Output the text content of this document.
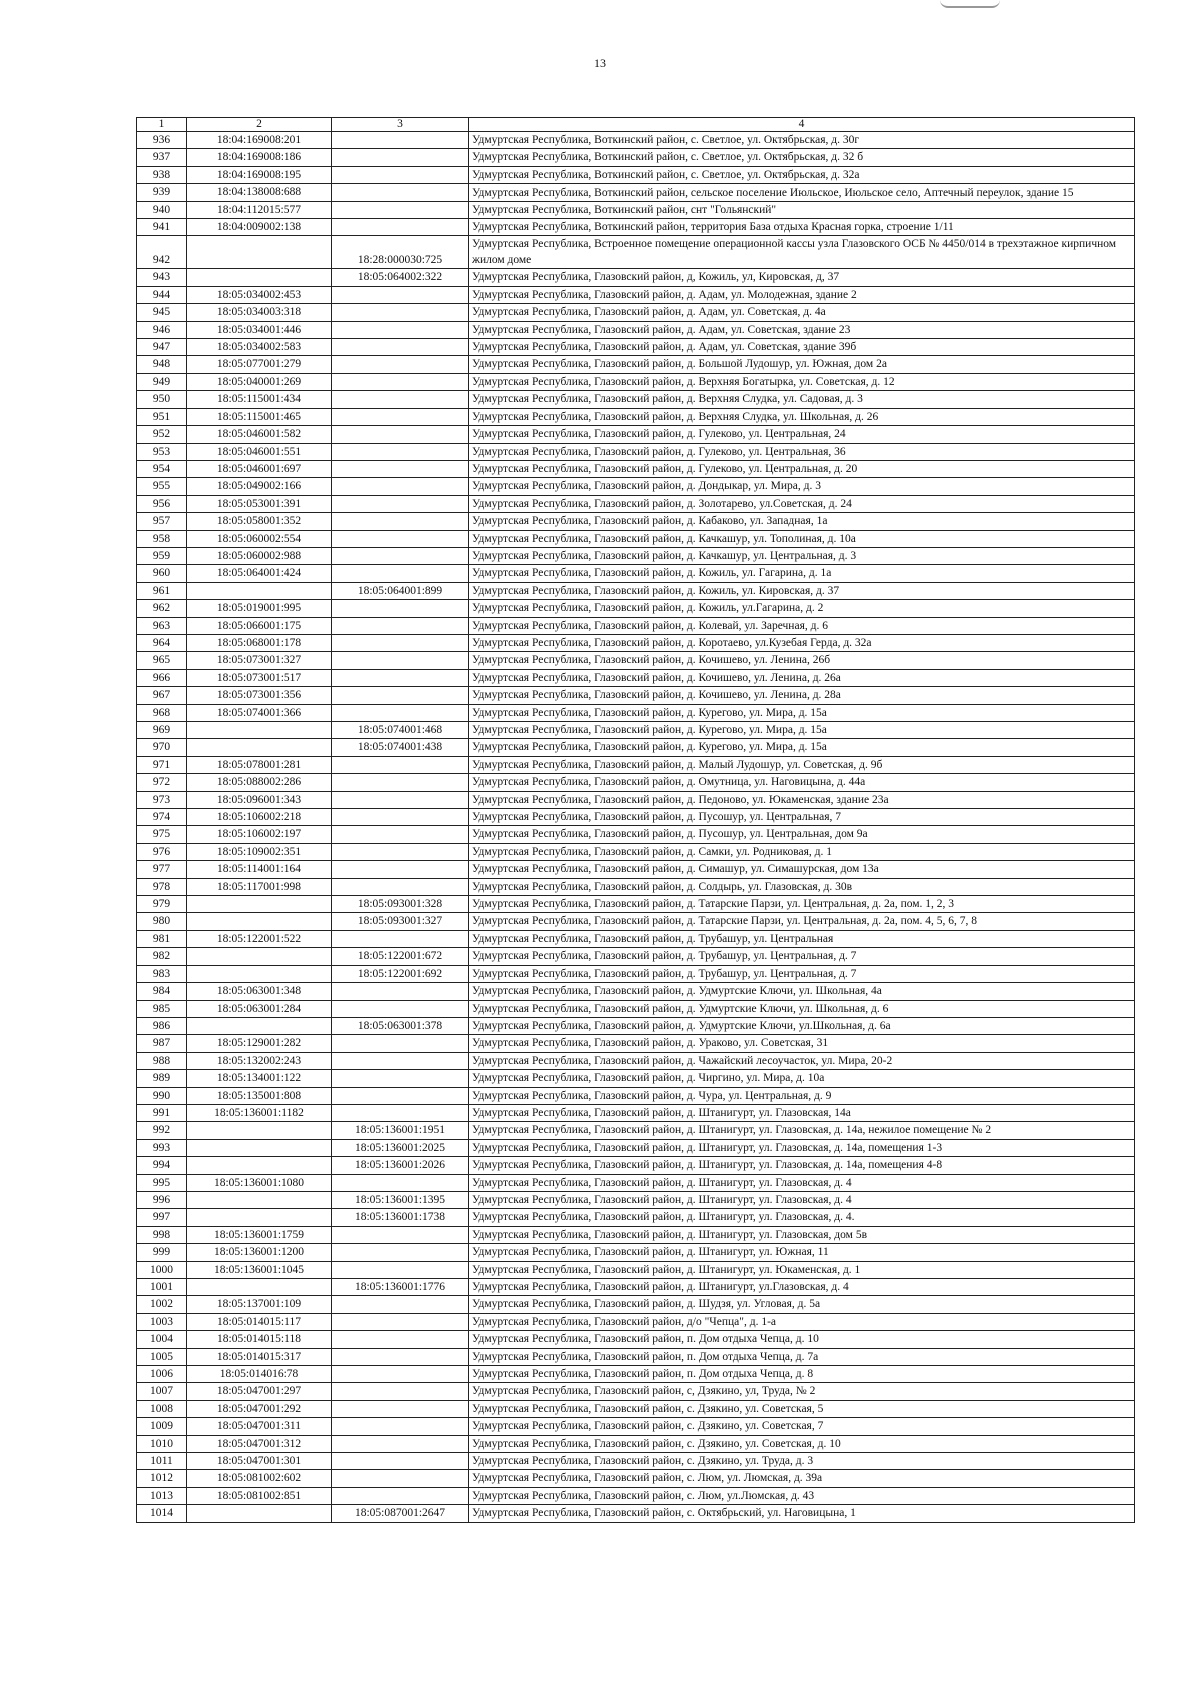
13
1	2	3	4
936	18:04:169008:201		Удмуртская Республика, Воткинский район, с. Светлое, ул. Октябрьская, д. 30г
937	18:04:169008:186		Удмуртская Республика, Воткинский район, с. Светлое, ул. Октябрьская, д. 32 б
938	18:04:169008:195		Удмуртская Республика, Воткинский район, с. Светлое, ул. Октябрьская, д. 32а
939	18:04:138008:688		Удмуртская Республика, Воткинский район, сельское поселение Июльское, Июльское село, Аптечный переулок, здание 15
940	18:04:112015:577		Удмуртская Республика, Воткинский район, снт "Гольянский"
941	18:04:009002:138		Удмуртская Республика, Воткинский район, территория База отдыха Красная горка, строение 1/11
942		18:28:000030:725	Удмуртская Республика, Встроенное помещение операционной кассы узла Глазовского ОСБ № 4450/014 в трехэтажное кирпичном жилом доме
943		18:05:064002:322	Удмуртская Республика, Глазовский район, д, Кожиль, ул, Кировская, д, 37
944	18:05:034002:453		Удмуртская Республика, Глазовский район, д. Адам, ул. Молодежная, здание 2
945	18:05:034003:318		Удмуртская Республика, Глазовский район, д. Адам, ул. Советская, д. 4а
946	18:05:034001:446		Удмуртская Республика, Глазовский район, д. Адам, ул. Советская, здание 23
947	18:05:034002:583		Удмуртская Республика, Глазовский район, д. Адам, ул. Советская, здание 39б
948	18:05:077001:279		Удмуртская Республика, Глазовский район, д. Большой Лудошур, ул. Южная, дом 2а
949	18:05:040001:269		Удмуртская Республика, Глазовский район, д. Верхняя Богатырка, ул. Советская, д. 12
950	18:05:115001:434		Удмуртская Республика, Глазовский район, д. Верхняя Слудка, ул. Садовая, д. 3
951	18:05:115001:465		Удмуртская Республика, Глазовский район, д. Верхняя Слудка, ул. Школьная, д. 26
952	18:05:046001:582		Удмуртская Республика, Глазовский район, д. Гулеково, ул. Центральная, 24
953	18:05:046001:551		Удмуртская Республика, Глазовский район, д. Гулеково, ул. Центральная, 36
954	18:05:046001:697		Удмуртская Республика, Глазовский район, д. Гулеково, ул. Центральная, д. 20
955	18:05:049002:166		Удмуртская Республика, Глазовский район, д. Дондыкар, ул. Мира, д. 3
956	18:05:053001:391		Удмуртская Республика, Глазовский район, д. Золотарево, ул.Советская, д. 24
957	18:05:058001:352		Удмуртская Республика, Глазовский район, д. Кабаково, ул. Западная, 1а
958	18:05:060002:554		Удмуртская Республика, Глазовский район, д. Качкашур, ул. Тополиная, д. 10а
959	18:05:060002:988		Удмуртская Республика, Глазовский район, д. Качкашур, ул. Центральная, д. 3
960	18:05:064001:424		Удмуртская Республика, Глазовский район, д. Кожиль, ул. Гагарина, д. 1а
961		18:05:064001:899	Удмуртская Республика, Глазовский район, д. Кожиль, ул. Кировская, д. 37
962	18:05:019001:995		Удмуртская Республика, Глазовский район, д. Кожиль, ул.Гагарина, д. 2
963	18:05:066001:175		Удмуртская Республика, Глазовский район, д. Колевай, ул. Заречная, д. 6
964	18:05:068001:178		Удмуртская Республика, Глазовский район, д. Коротаево, ул.Кузебая Герда, д. 32а
965	18:05:073001:327		Удмуртская Республика, Глазовский район, д. Кочишево, ул. Ленина, 26б
966	18:05:073001:517		Удмуртская Республика, Глазовский район, д. Кочишево, ул. Ленина, д. 26а
967	18:05:073001:356		Удмуртская Республика, Глазовский район, д. Кочишево, ул. Ленина, д. 28а
968	18:05:074001:366		Удмуртская Республика, Глазовский район, д. Курегово, ул. Мира, д. 15а
969		18:05:074001:468	Удмуртская Республика, Глазовский район, д. Курегово, ул. Мира, д. 15а
970		18:05:074001:438	Удмуртская Республика, Глазовский район, д. Курегово, ул. Мира, д. 15а
971	18:05:078001:281		Удмуртская Республика, Глазовский район, д. Малый Лудошур, ул. Советская, д. 9б
972	18:05:088002:286		Удмуртская Республика, Глазовский район, д. Омутница, ул. Наговицына, д. 44а
973	18:05:096001:343		Удмуртская Республика, Глазовский район, д. Педоново, ул. Юкаменская, здание 23а
974	18:05:106002:218		Удмуртская Республика, Глазовский район, д. Пусошур, ул. Центральная, 7
975	18:05:106002:197		Удмуртская Республика, Глазовский район, д. Пусошур, ул. Центральная, дом 9а
976	18:05:109002:351		Удмуртская Республика, Глазовский район, д. Самки, ул. Родниковая, д. 1
977	18:05:114001:164		Удмуртская Республика, Глазовский район, д. Симашур, ул. Симашурская, дом 13а
978	18:05:117001:998		Удмуртская Республика, Глазовский район, д. Солдырь, ул. Глазовская, д. 30в
979		18:05:093001:328	Удмуртская Республика, Глазовский район, д. Татарские Парзи, ул. Центральная, д. 2а, пом. 1, 2, 3
980		18:05:093001:327	Удмуртская Республика, Глазовский район, д. Татарские Парзи, ул. Центральная, д. 2а, пом. 4, 5, 6, 7, 8
981	18:05:122001:522		Удмуртская Республика, Глазовский район, д. Трубашур, ул. Центральная
982		18:05:122001:672	Удмуртская Республика, Глазовский район, д. Трубашур, ул. Центральная, д. 7
983		18:05:122001:692	Удмуртская Республика, Глазовский район, д. Трубашур, ул. Центральная, д. 7
984	18:05:063001:348		Удмуртская Республика, Глазовский район, д. Удмуртские Ключи, ул. Школьная, 4а
985	18:05:063001:284		Удмуртская Республика, Глазовский район, д. Удмуртские Ключи, ул. Школьная, д. 6
986		18:05:063001:378	Удмуртская Республика, Глазовский район, д. Удмуртские Ключи, ул.Школьная, д. 6а
987	18:05:129001:282		Удмуртская Республика, Глазовский район, д. Ураково, ул. Советская, 31
988	18:05:132002:243		Удмуртская Республика, Глазовский район, д. Чажайский лесоучасток, ул. Мира, 20-2
989	18:05:134001:122		Удмуртская Республика, Глазовский район, д. Чиргино, ул. Мира, д. 10а
990	18:05:135001:808		Удмуртская Республика, Глазовский район, д. Чура, ул. Центральная, д. 9
991	18:05:136001:1182		Удмуртская Республика, Глазовский район, д. Штанигурт, ул. Глазовская, 14а
992		18:05:136001:1951	Удмуртская Республика, Глазовский район, д. Штанигурт, ул. Глазовская, д. 14а, нежилое помещение № 2
993		18:05:136001:2025	Удмуртская Республика, Глазовский район, д. Штанигурт, ул. Глазовская, д. 14а, помещения 1-3
994		18:05:136001:2026	Удмуртская Республика, Глазовский район, д. Штанигурт, ул. Глазовская, д. 14а, помещения 4-8
995	18:05:136001:1080		Удмуртская Республика, Глазовский район, д. Штанигурт, ул. Глазовская, д. 4
996		18:05:136001:1395	Удмуртская Республика, Глазовский район, д. Штанигурт, ул. Глазовская, д. 4
997		18:05:136001:1738	Удмуртская Республика, Глазовский район, д. Штанигурт, ул. Глазовская, д. 4.
998	18:05:136001:1759		Удмуртская Республика, Глазовский район, д. Штанигурт, ул. Глазовская, дом 5в
999	18:05:136001:1200		Удмуртская Республика, Глазовский район, д. Штанигурт, ул. Южная, 11
1000	18:05:136001:1045		Удмуртская Республика, Глазовский район, д. Штанигурт, ул. Юкаменская, д. 1
1001		18:05:136001:1776	Удмуртская Республика, Глазовский район, д. Штанигурт, ул.Глазовская, д. 4
1002	18:05:137001:109		Удмуртская Республика, Глазовский район, д. Шудзя, ул. Угловая, д. 5а
1003	18:05:014015:117		Удмуртская Республика, Глазовский район, д/о "Чепца", д. 1-а
1004	18:05:014015:118		Удмуртская Республика, Глазовский район, п. Дом отдыха Чепца, д. 10
1005	18:05:014015:317		Удмуртская Республика, Глазовский район, п. Дом отдыха Чепца, д. 7а
1006	18:05:014016:78		Удмуртская Республика, Глазовский район, п. Дом отдыха Чепца, д. 8
1007	18:05:047001:297		Удмуртская Республика, Глазовский район, с, Дзякино, ул, Труда, № 2
1008	18:05:047001:292		Удмуртская Республика, Глазовский район, с. Дзякино, ул. Советская, 5
1009	18:05:047001:311		Удмуртская Республика, Глазовский район, с. Дзякино, ул. Советская, 7
1010	18:05:047001:312		Удмуртская Республика, Глазовский район, с. Дзякино, ул. Советская, д. 10
1011	18:05:047001:301		Удмуртская Республика, Глазовский район, с. Дзякино, ул. Труда, д. 3
1012	18:05:081002:602		Удмуртская Республика, Глазовский район, с. Люм, ул. Люмская, д. 39а
1013	18:05:081002:851		Удмуртская Республика, Глазовский район, с. Люм, ул.Люмская, д. 43
1014		18:05:087001:2647	Удмуртская Республика, Глазовский район, с. Октябрьский, ул. Наговицына, 1
